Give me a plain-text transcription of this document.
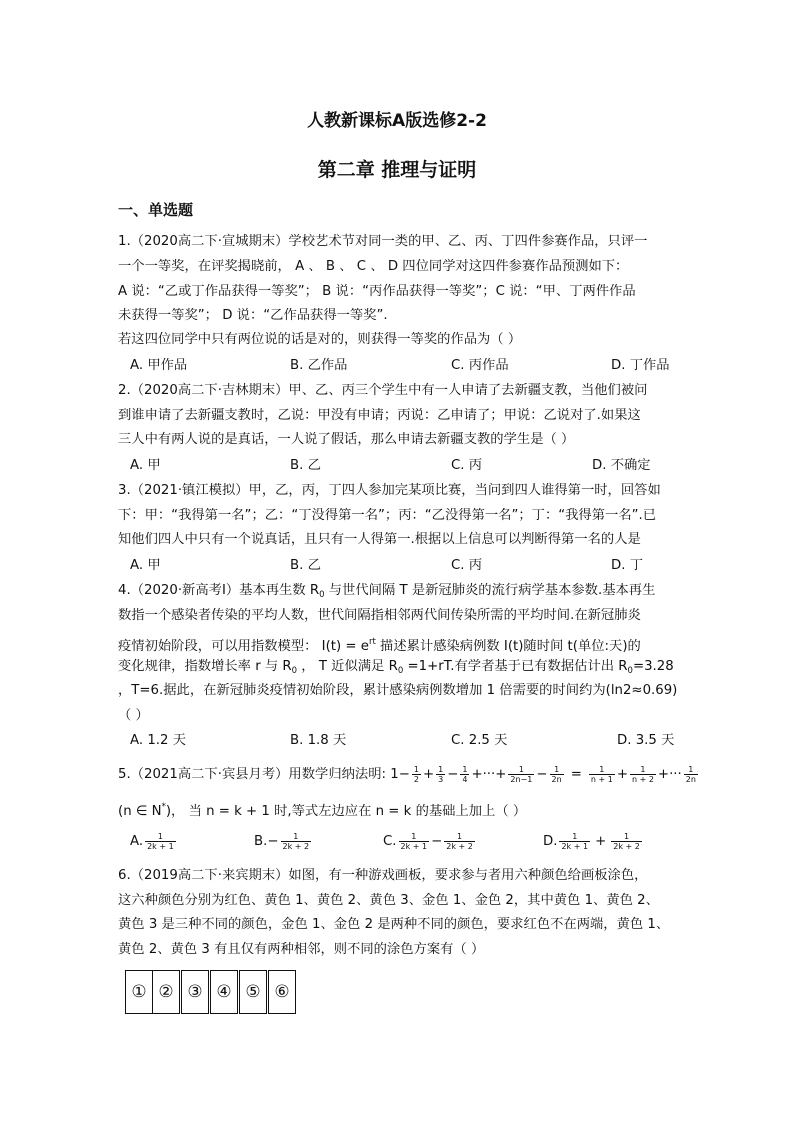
人教新课标A版选修2-2
第二章 推理与证明
一、单选题
1.（2020高二下·宣城期末）学校艺术节对同一类的甲、乙、丙、丁四件参赛作品，只评一
一个一等奖，在评奖揭晓前， A 、 B 、 C 、 D 四位同学对这四件参赛作品预测如下：
A 说：“乙或丁作品获得一等奖”； B 说：“丙作品获得一等奖”；C 说：“甲、丁两件作品
未获得一等奖”； D 说：“乙作品获得一等奖”.
若这四位同学中只有两位说的话是对的，则获得一等奖的作品为（ ）
A. 甲作品	B. 乙作品	C. 丙作品	D. 丁作品
2.（2020高二下·吉林期末）甲、乙、丙三个学生中有一人申请了去新疆支教，当他们被问
到谁申请了去新疆支教时，乙说：甲没有申请；丙说：乙申请了；甲说：乙说对了.如果这
三人中有两人说的是真话，一人说了假话，那么申请去新疆支教的学生是（ ）
A. 甲	B. 乙	C. 丙	D. 不确定
3.（2021·镇江模拟）甲，乙，丙，丁四人参加完某项比赛，当问到四人谁得第一时，回答如
下：甲：“我得第一名”；乙：“丁没得第一名”；丙：“乙没得第一名”；丁：“我得第一名”.已
知他们四人中只有一个说真话，且只有一人得第一.根据以上信息可以判断得第一名的人是
A. 甲	B. 乙	C. 丙	D. 丁
4.（2020·新高考Ⅰ）基本再生数 $R_0$ 与世代间隔 T 是新冠肺炎的流行病学基本参数.基本再生
数指一个感染者传染的平均人数，世代间隔指相邻两代间传染所需的平均时间.在新冠肺炎
疫情初始阶段，可以用指数模型： $I(t) = e^{rt}$ 描述累计感染病例数 I(t)随时间 t(单位:天)的
变化规律，指数增长率 r 与 $R_0$ ， T 近似满足 $R_0 =1+rT$.有学者基于已有数据估计出 $R_0=3.28$
，T=6.据此，在新冠肺炎疫情初始阶段，累计感染病例数增加 1 倍需要的时间约为(ln2≈0.69)
（ ）
A. 1.2 天	B. 1.8 天	C. 2.5 天	D. 3.5 天
5.（2021高二下·宾县月考）用数学归纳法明: $1- \frac{1}{2} + \frac{1}{3} - \frac{1}{4}$ +···+ $\frac{1}{2n-1} - \frac{1}{2n} = \frac{1}{n + 1} + \frac{1}{n + 2}$ +··· $\frac{1}{2n}$
(n ∈ N*)， 当 n = k + 1 时,等式左边应在 n = k 的基础上加上（ ）
A. $\frac{1}{2k + 1}$	$B.- \frac{1}{2k + 2}$	C. $\frac{1}{2k + 1} - \frac{1}{2k + 2}$	D. $\frac{1}{2k + 1} + \frac{1}{2k + 2}$
6.（2019高二下·来宾期末）如图，有一种游戏画板，要求参与者用六种颜色给画板涂色，
这六种颜色分别为红色、黄色 1、黄色 2、黄色 3、金色 1、金色 2，其中黄色 1、黄色 2、
黄色 3 是三种不同的颜色，金色 1、金色 2 是两种不同的颜色，要求红色不在两端，黄色 1、
黄色 2、黄色 3 有且仅有两种相邻，则不同的涂色方案有（ ）
① ② ③ ④ ⑤ ⑥
